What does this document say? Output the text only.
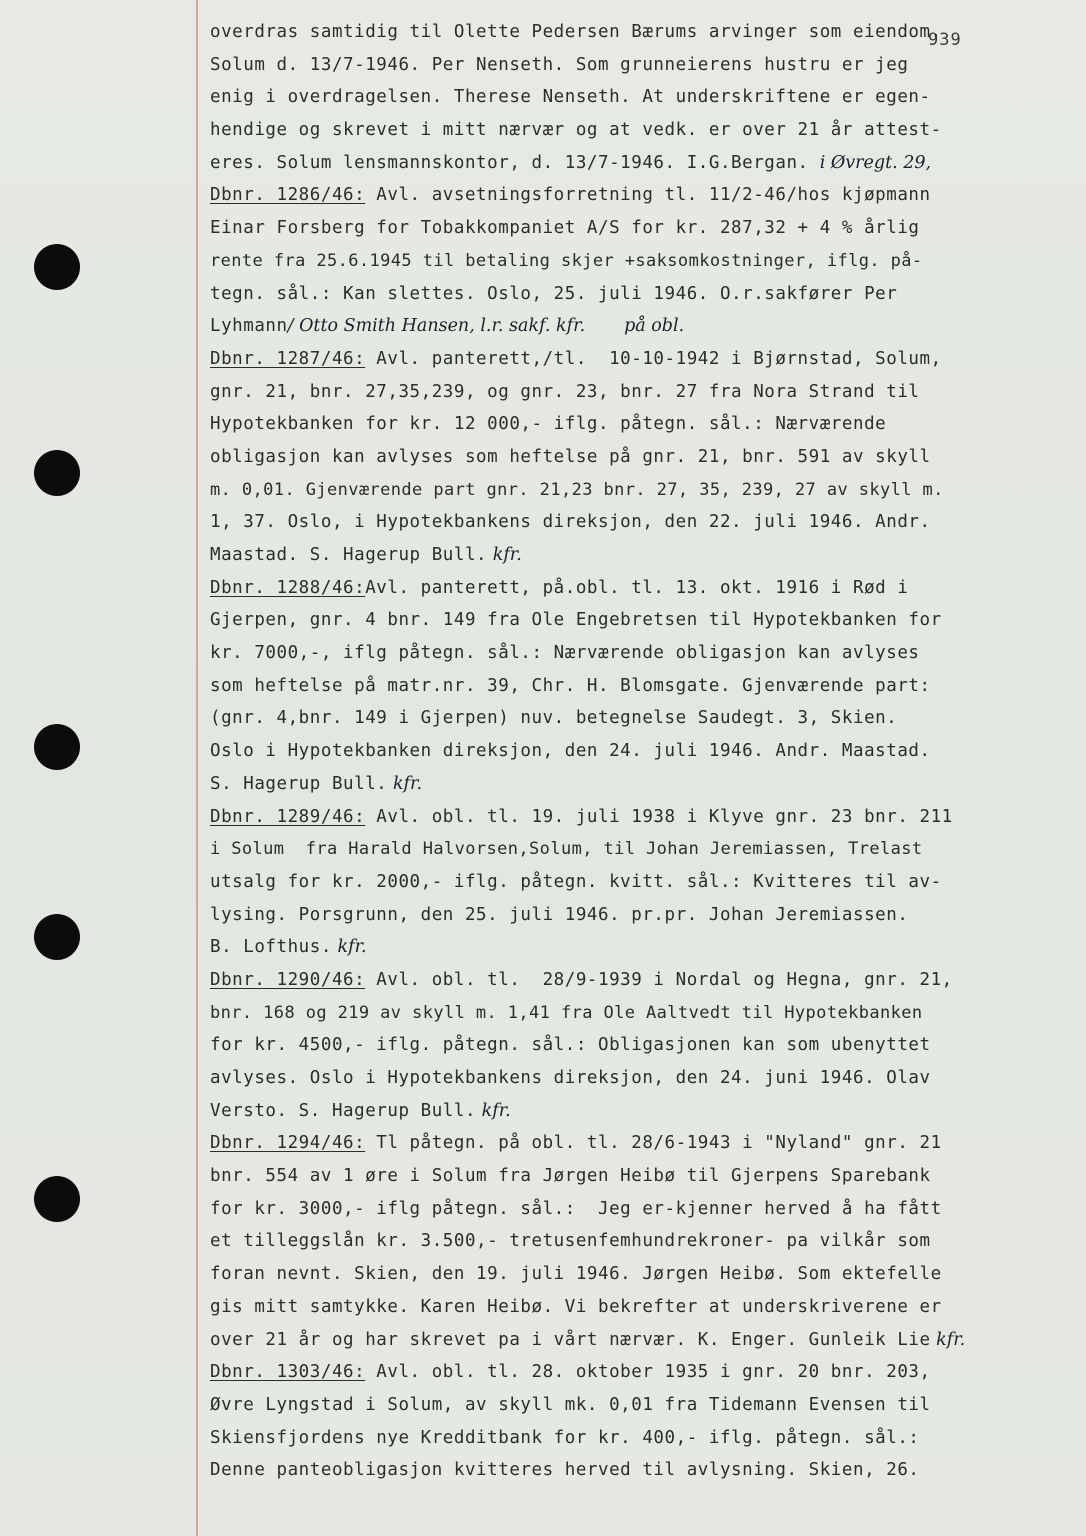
939
overdras samtidig til Olette Pedersen Bærums arvinger som eiendom.
Solum d. 13/7-1946. Per Nenseth. Som grunneierens hustru er jeg
enig i overdragelsen. Therese Nenseth. At underskriftene er egen-
hendige og skrevet i mitt nærvær og at vedk. er over 21 år attest-
eres. Solum lensmannskontor, d. 13/7-1946. I.G.Bergan.  i Øvregt. 29,
Dbnr. 1286/46: Avl. avsetningsforretning tl. 11/2-46/hos kjøpmann
Einar Forsberg for Tobakkompaniet A/S for kr. 287,32 + 4 % årlig
rente fra 25.6.1945 til betaling skjer +saksomkostninger, iflg. på-
tegn. sål.: Kan slettes. Oslo, 25. juli 1946. O.r.sakfører Per
Lyhmann/ Otto Smith Hansen, l.r. sakf. kfr.       på obl.
Dbnr. 1287/46: Avl. panterett,/tl.  10-10-1942 i Bjørnstad, Solum,
gnr. 21, bnr. 27,35,239, og gnr. 23, bnr. 27 fra Nora Strand til
Hypotekbanken for kr. 12 000,- iflg. påtegn. sål.: Nærværende
obligasjon kan avlyses som heftelse på gnr. 21, bnr. 591 av skyll
m. 0,01. Gjenværende part gnr. 21,23 bnr. 27, 35, 239, 27 av skyll m.
1, 37. Oslo, i Hypotekbankens direksjon, den 22. juli 1946. Andr.
Maastad. S. Hagerup Bull. kfr.
Dbnr. 1288/46:Avl. panterett, på.obl. tl. 13. okt. 1916 i Rød i
Gjerpen, gnr. 4 bnr. 149 fra Ole Engebretsen til Hypotekbanken for
kr. 7000,-, iflg påtegn. sål.: Nærværende obligasjon kan avlyses
som heftelse på matr.nr. 39, Chr. H. Blomsgate. Gjenværende part:
(gnr. 4,bnr. 149 i Gjerpen) nuv. betegnelse Saudegt. 3, Skien.
Oslo i Hypotekbanken direksjon, den 24. juli 1946. Andr. Maastad.
S. Hagerup Bull. kfr.
Dbnr. 1289/46: Avl. obl. tl. 19. juli 1938 i Klyve gnr. 23 bnr. 211
i Solum  fra Harald Halvorsen,Solum, til Johan Jeremiassen, Trelast
utsalg for kr. 2000,- iflg. påtegn. kvitt. sål.: Kvitteres til av-
lysing. Porsgrunn, den 25. juli 1946. pr.pr. Johan Jeremiassen.
B. Lofthus. kfr.
Dbnr. 1290/46: Avl. obl. tl.  28/9-1939 i Nordal og Hegna, gnr. 21,
bnr. 168 og 219 av skyll m. 1,41 fra Ole Aaltvedt til Hypotekbanken
for kr. 4500,- iflg. påtegn. sål.: Obligasjonen kan som ubenyttet
avlyses. Oslo i Hypotekbankens direksjon, den 24. juni 1946. Olav
Versto. S. Hagerup Bull. kfr.
Dbnr. 1294/46: Tl påtegn. på obl. tl. 28/6-1943 i "Nyland" gnr. 21
bnr. 554 av 1 øre i Solum fra Jørgen Heibø til Gjerpens Sparebank
for kr. 3000,- iflg påtegn. sål.:  Jeg er-kjenner herved å ha fått
et tilleggslån kr. 3.500,- tretusenfemhundrekroner- pa vilkår som
foran nevnt. Skien, den 19. juli 1946. Jørgen Heibø. Som ektefelle
gis mitt samtykke. Karen Heibø. Vi bekrefter at underskriverene er
over 21 år og har skrevet pa i vårt nærvær. K. Enger. Gunleik Lie kfr.
Dbnr. 1303/46: Avl. obl. tl. 28. oktober 1935 i gnr. 20 bnr. 203,
Øvre Lyngstad i Solum, av skyll mk. 0,01 fra Tidemann Evensen til
Skiensfjordens nye Kredditbank for kr. 400,- iflg. påtegn. sål.:
Denne panteobligasjon kvitteres herved til avlysning. Skien, 26.
